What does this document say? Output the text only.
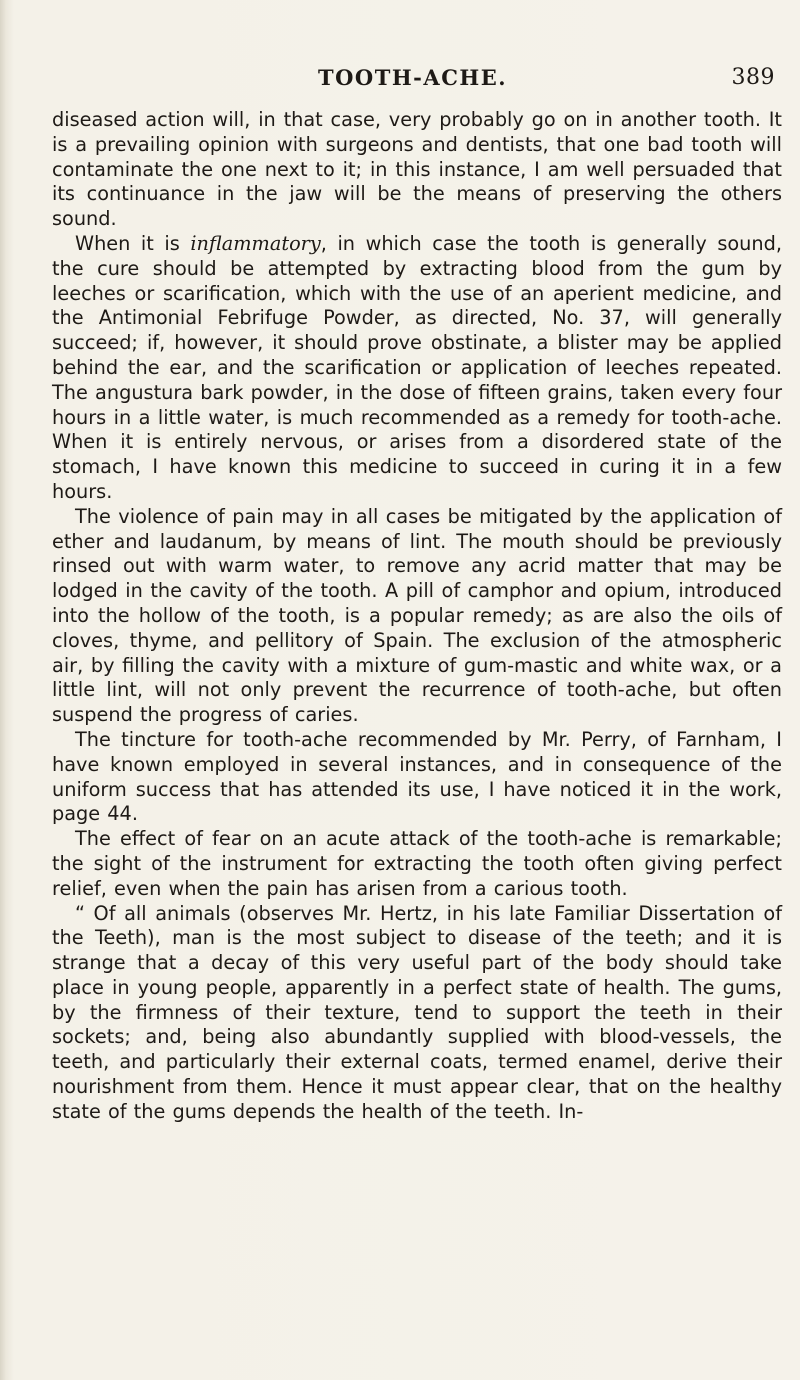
TOOTH-ACHE.	389

diseased action will, in that case, very probably go on in another tooth. It is a prevailing opinion with surgeons and dentists, that one bad tooth will contaminate the one next to it; in this instance, I am well persuaded that its continuance in the jaw will be the means of preserving the others sound.

When it is inflammatory, in which case the tooth is generally sound, the cure should be attempted by extracting blood from the gum by leeches or scarification, which with the use of an aperient medicine, and the Antimonial Febrifuge Powder, as directed, No. 37, will generally succeed; if, however, it should prove obstinate, a blister may be applied behind the ear, and the scarification or application of leeches repeated. The angustura bark powder, in the dose of fifteen grains, taken every four hours in a little water, is much recommended as a remedy for tooth-ache. When it is entirely nervous, or arises from a disordered state of the stomach, I have known this medicine to succeed in curing it in a few hours.

The violence of pain may in all cases be mitigated by the application of ether and laudanum, by means of lint. The mouth should be previously rinsed out with warm water, to remove any acrid matter that may be lodged in the cavity of the tooth. A pill of camphor and opium, introduced into the hollow of the tooth, is a popular remedy; as are also the oils of cloves, thyme, and pellitory of Spain. The exclusion of the atmospheric air, by filling the cavity with a mixture of gum-mastic and white wax, or a little lint, will not only prevent the recurrence of tooth-ache, but often suspend the progress of caries.

The tincture for tooth-ache recommended by Mr. Perry, of Farnham, I have known employed in several instances, and in consequence of the uniform success that has attended its use, I have noticed it in the work, page 44.

The effect of fear on an acute attack of the tooth-ache is remarkable; the sight of the instrument for extracting the tooth often giving perfect relief, even when the pain has arisen from a carious tooth.

“ Of all animals (observes Mr. Hertz, in his late Familiar Dissertation of the Teeth), man is the most subject to disease of the teeth; and it is strange that a decay of this very useful part of the body should take place in young people, apparently in a perfect state of health. The gums, by the firmness of their texture, tend to support the teeth in their sockets; and, being also abundantly supplied with blood-vessels, the teeth, and particularly their external coats, termed enamel, derive their nourishment from them. Hence it must appear clear, that on the healthy state of the gums depends the health of the teeth. In-
